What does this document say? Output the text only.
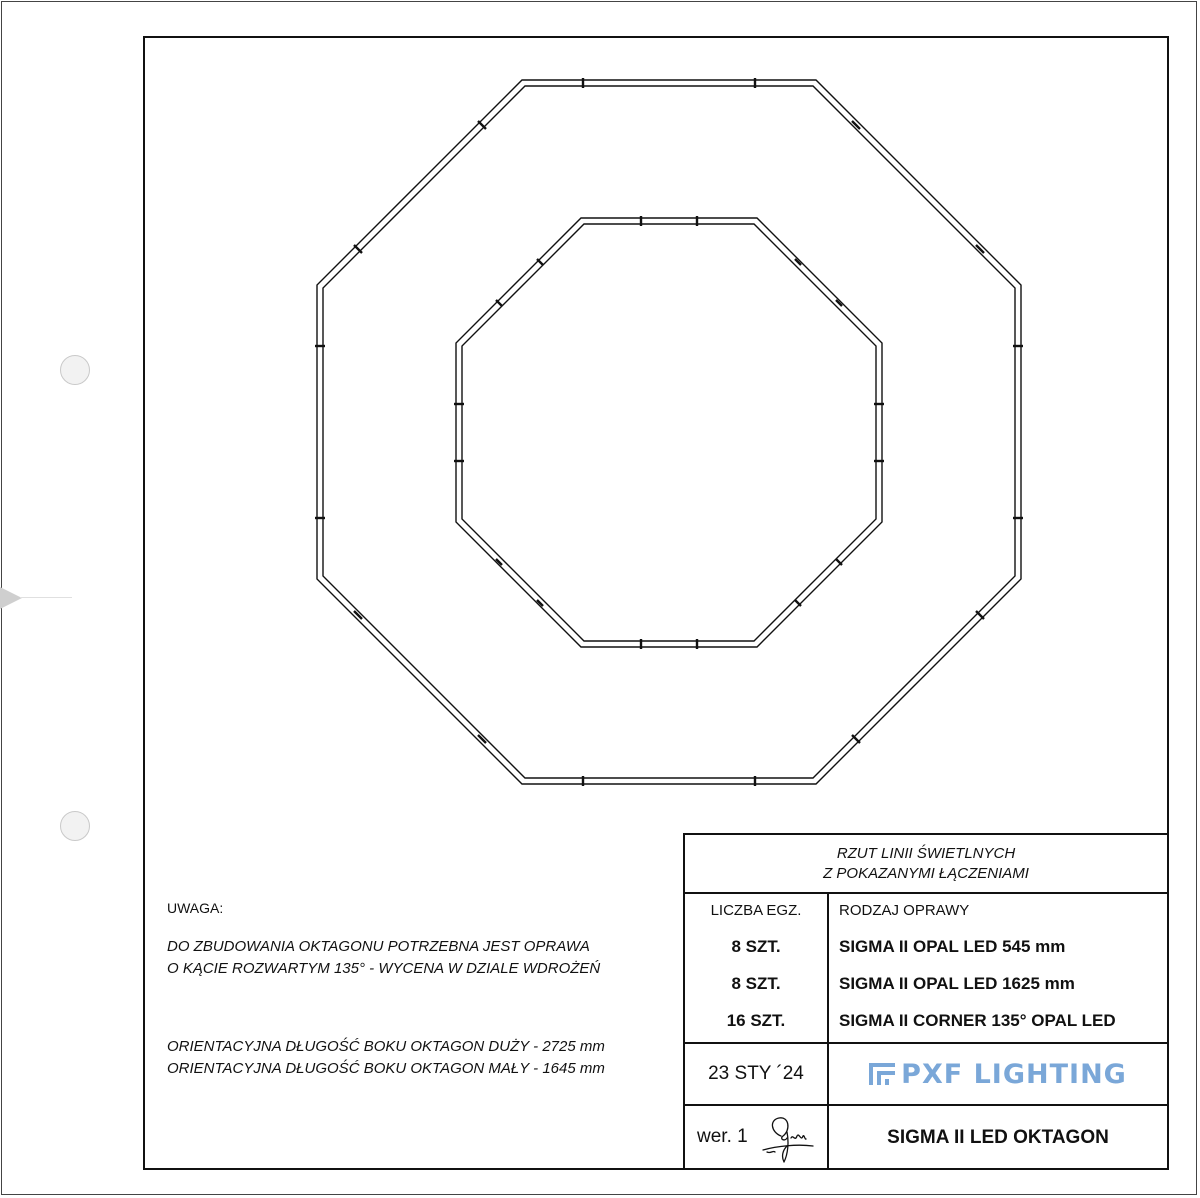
UWAGA:
DO ZBUDOWANIA OKTAGONU POTRZEBNA JEST OPRAWA
O KĄCIE ROZWARTYM 135° - WYCENA W DZIALE WDROŻEŃ
ORIENTACYJNA DŁUGOŚĆ BOKU OKTAGON DUŻY - 2725 mm
ORIENTACYJNA DŁUGOŚĆ BOKU OKTAGON MAŁY - 1645 mm
RZUT LINII ŚWIETLNYCH
Z POKAZANYMI ŁĄCZENIAMI
LICZBA EGZ.
8 SZT.
8 SZT.
16 SZT.
RODZAJ OPRAWY
SIGMA II OPAL LED 545 mm
SIGMA II OPAL LED 1625 mm
SIGMA II CORNER 135° OPAL LED
23 STY ´24	PXF LIGHTING
wer. 1	SIGMA II LED OKTAGON
